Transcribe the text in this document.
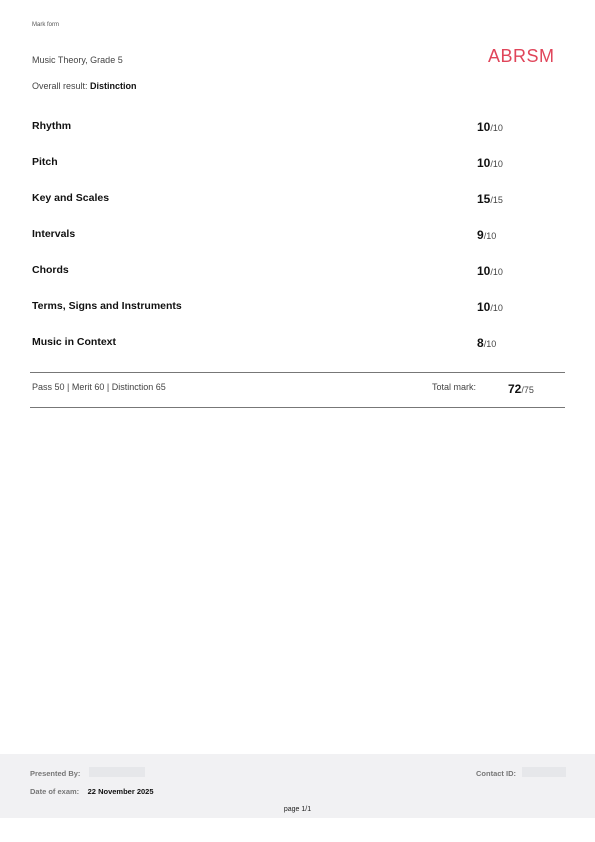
Mark form
Music Theory, Grade 5
Overall result: Distinction
ABRSM
Rhythm	10/10
Pitch	10/10
Key and Scales	15/15
Intervals	9/10
Chords	10/10
Terms, Signs and Instruments	10/10
Music in Context	8/10
Pass 50 | Merit 60 | Distinction 65	Total mark:	72/75
Presented By:	Contact ID:
Date of exam: 22 November 2025
page 1/1
